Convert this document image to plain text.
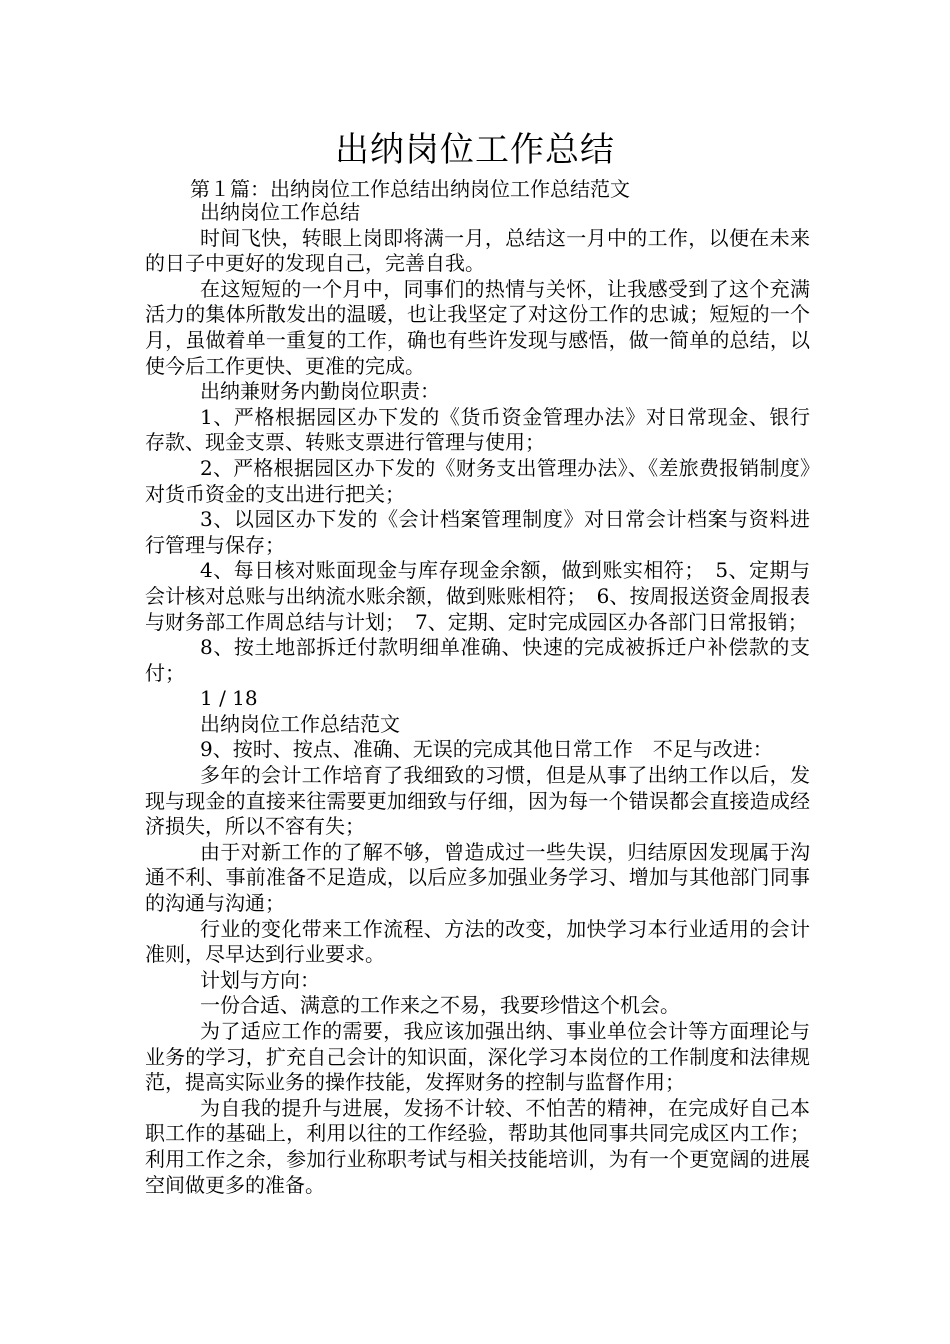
出纳岗位工作总结
第１篇：出纳岗位工作总结出纳岗位工作总结范文

出纳岗位工作总结

时间飞快，转眼上岗即将满一月，总结这一月中的工作，以便在未来的日子中更好的发现自己，完善自我。

在这短短的一个月中，同事们的热情与关怀，让我感受到了这个充满活力的集体所散发出的温暖，也让我坚定了对这份工作的忠诚；短短的一个月，虽做着单一重复的工作，确也有些许发现与感悟，做一简单的总结，以使今后工作更快、更准的完成。

出纳兼财务内勤岗位职责：

1、严格根据园区办下发的《货币资金管理办法》对日常现金、银行存款、现金支票、转账支票进行管理与使用；

2、严格根据园区办下发的《财务支出管理办法》、《差旅费报销制度》对货币资金的支出进行把关；

3、以园区办下发的《会计档案管理制度》对日常会计档案与资料进行管理与保存；

4、每日核对账面现金与库存现金余额，做到账实相符；　5、定期与会计核对总账与出纳流水账余额，做到账账相符；　6、按周报送资金周报表与财务部工作周总结与计划；　7、定期、定时完成园区办各部门日常报销；

8、按土地部拆迁付款明细单准确、快速的完成被拆迁户补偿款的支付；

1 / 18

出纳岗位工作总结范文

9、按时、按点、准确、无误的完成其他日常工作　不足与改进：

多年的会计工作培育了我细致的习惯，但是从事了出纳工作以后，发现与现金的直接来往需要更加细致与仔细，因为每一个错误都会直接造成经济损失，所以不容有失；

由于对新工作的了解不够，曾造成过一些失误，归结原因发现属于沟通不利、事前准备不足造成，以后应多加强业务学习、增加与其他部门同事的沟通与沟通；

行业的变化带来工作流程、方法的改变，加快学习本行业适用的会计准则，尽早达到行业要求。

计划与方向：

一份合适、满意的工作来之不易，我要珍惜这个机会。

为了适应工作的需要，我应该加强出纳、事业单位会计等方面理论与业务的学习，扩充自己会计的知识面，深化学习本岗位的工作制度和法律规范，提高实际业务的操作技能，发挥财务的控制与监督作用；

为自我的提升与进展，发扬不计较、不怕苦的精神，在完成好自己本职工作的基础上，利用以往的工作经验，帮助其他同事共同完成区内工作；利用工作之余，参加行业称职考试与相关技能培训，为有一个更宽阔的进展空间做更多的准备。
